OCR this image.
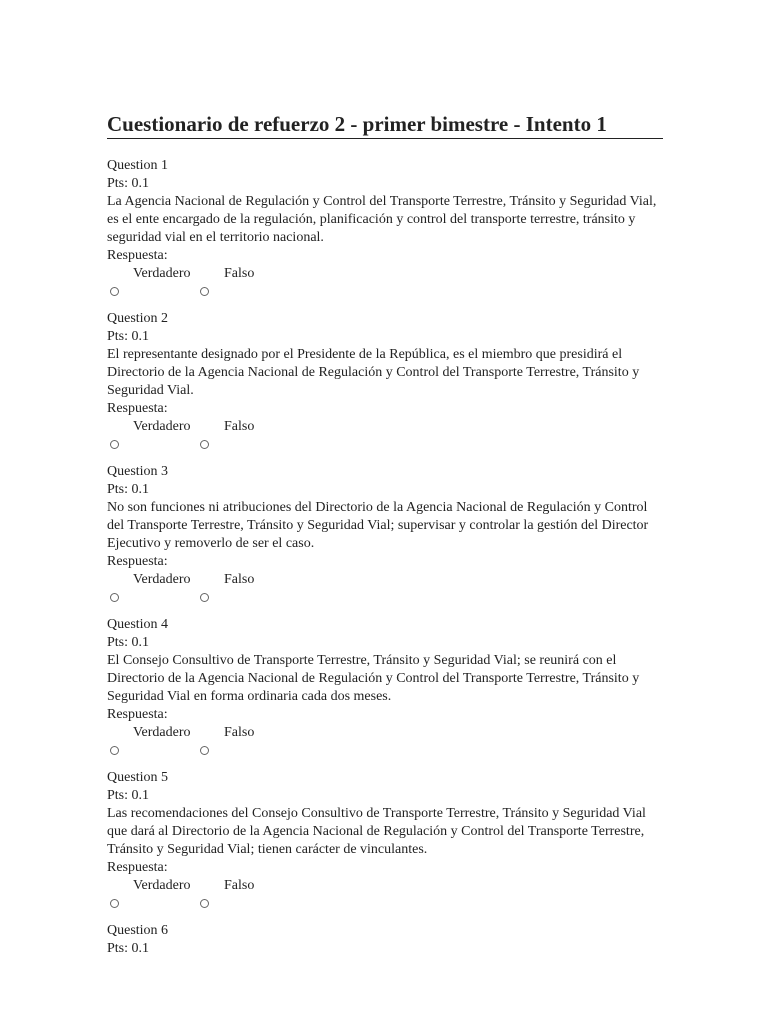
Cuestionario de refuerzo 2 - primer bimestre - Intento 1
Question 1
Pts: 0.1
La Agencia Nacional de Regulación y Control del Transporte Terrestre, Tránsito y Seguridad Vial, es el ente encargado de la regulación, planificación y control del transporte terrestre, tránsito y seguridad vial en el territorio nacional.
Respuesta:
Verdadero Falso
Question 2
Pts: 0.1
El representante designado por el Presidente de la República, es el miembro que presidirá el Directorio de la Agencia Nacional de Regulación y Control del Transporte Terrestre, Tránsito y Seguridad Vial.
Respuesta:
Verdadero Falso
Question 3
Pts: 0.1
No son funciones ni atribuciones del Directorio de la Agencia Nacional de Regulación y Control del Transporte Terrestre, Tránsito y Seguridad Vial; supervisar y controlar la gestión del Director Ejecutivo y removerlo de ser el caso.
Respuesta:
Verdadero Falso
Question 4
Pts: 0.1
El Consejo Consultivo de Transporte Terrestre, Tránsito y Seguridad Vial; se reunirá con el Directorio de la Agencia Nacional de Regulación y Control del Transporte Terrestre, Tránsito y Seguridad Vial en forma ordinaria cada dos meses.
Respuesta:
Verdadero Falso
Question 5
Pts: 0.1
Las recomendaciones del Consejo Consultivo de Transporte Terrestre, Tránsito y Seguridad Vial que dará al Directorio de la Agencia Nacional de Regulación y Control del Transporte Terrestre, Tránsito y Seguridad Vial; tienen carácter de vinculantes.
Respuesta:
Verdadero Falso
Question 6
Pts: 0.1
